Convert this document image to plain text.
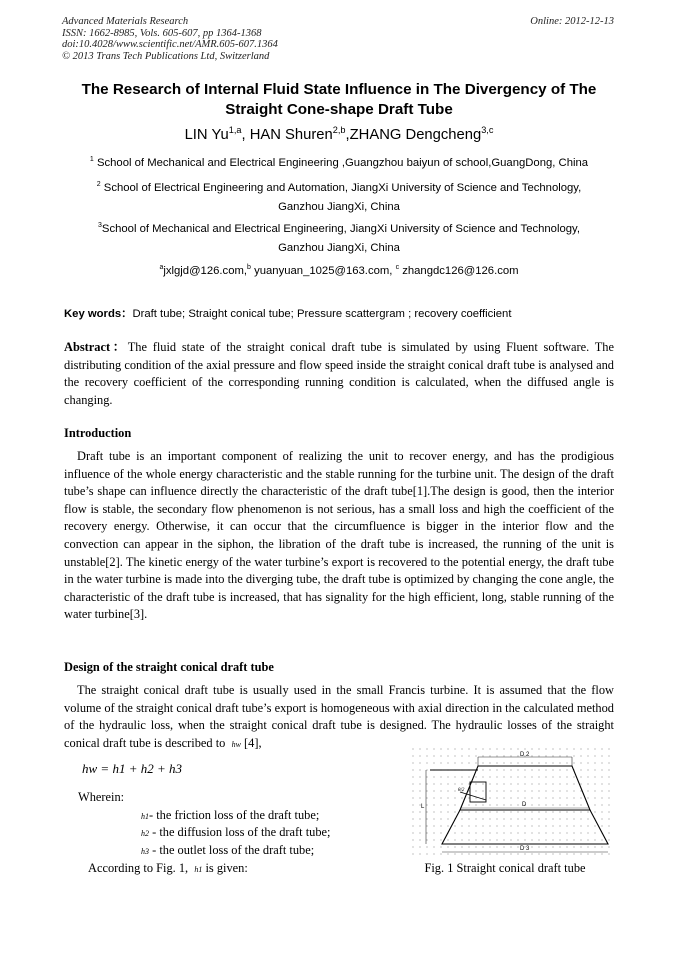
Advanced Materials Research
ISSN: 1662-8985, Vols. 605-607, pp 1364-1368
doi:10.4028/www.scientific.net/AMR.605-607.1364
© 2013 Trans Tech Publications Ltd, Switzerland
Online: 2012-12-13
The Research of Internal Fluid State Influence in The Divergency of The
Straight Cone-shape Draft Tube
LIN Yu$^{1,a}$, HAN Shuren$^{2,b}$,ZHANG Dengcheng$^{3,c}$
$^1$ School of Mechanical and Electrical Engineering ,Guangzhou baiyun of school,GuangDong, China
$^2$ School of Electrical Engineering and Automation, JiangXi University of Science and Technology,
Ganzhou JiangXi, China
$^3$School of Mechanical and Electrical Engineering, JiangXi University of Science and Technology,
Ganzhou JiangXi, China
$^a$jxlgjd@126.com,$^b$ yuanyuan_1025@163.com, $^c$ zhangdc126@126.com
Key words：Draft tube; Straight conical tube; Pressure scattergram ; recovery coefficient
Abstract：The fluid state of the straight conical draft tube is simulated by using Fluent software. The distributing condition of the axial pressure and flow speed inside the straight conical draft tube is analysed and the recovery coefficient of the corresponding running condition is calculated, when the diffused angle is changing.
Introduction
Draft tube is an important component of realizing the unit to recover energy, and has the prodigious influence of the whole energy characteristic and the stable running for the turbine unit. The design of the draft tube’s shape can influence directly the characteristic of the draft tube[1].The design is good, then the interior flow is stable, the secondary flow phenomenon is not serious, has a small loss and high the coefficient of the recovery energy. Otherwise, it can occur that the circumfluence is bigger in the interior flow and the convection can appear in the siphon, the libration of the draft tube is increased, the running of the unit is unstable[2]. The kinetic energy of the water turbine’s export is recovered to the potential energy, the draft tube in the water turbine is made into the diverging tube, the draft tube is optimized by changing the cone angle, the characteristic of the draft tube is increased, that has signality for the high efficient, long, stable running of the water turbine[3].
Design of the straight conical draft tube
The straight conical draft tube is usually used in the small Francis turbine. It is assumed that the flow volume of the straight conical draft tube’s export is homogeneous with axial direction in the calculated method of the hydraulic loss, when the straight conical draft tube is designed. The hydraulic losses of the straight conical draft tube is described to hw [4],
hw = h1 + h2 + h3
Wherein:
h1- the friction loss of the draft tube;
h2 - the diffusion loss of the draft tube;
h3 - the outlet loss of the draft tube;
According to Fig. 1, h1 is given:
D 2
θ/2
L	D
D 3
Fig. 1 Straight conical draft tube
